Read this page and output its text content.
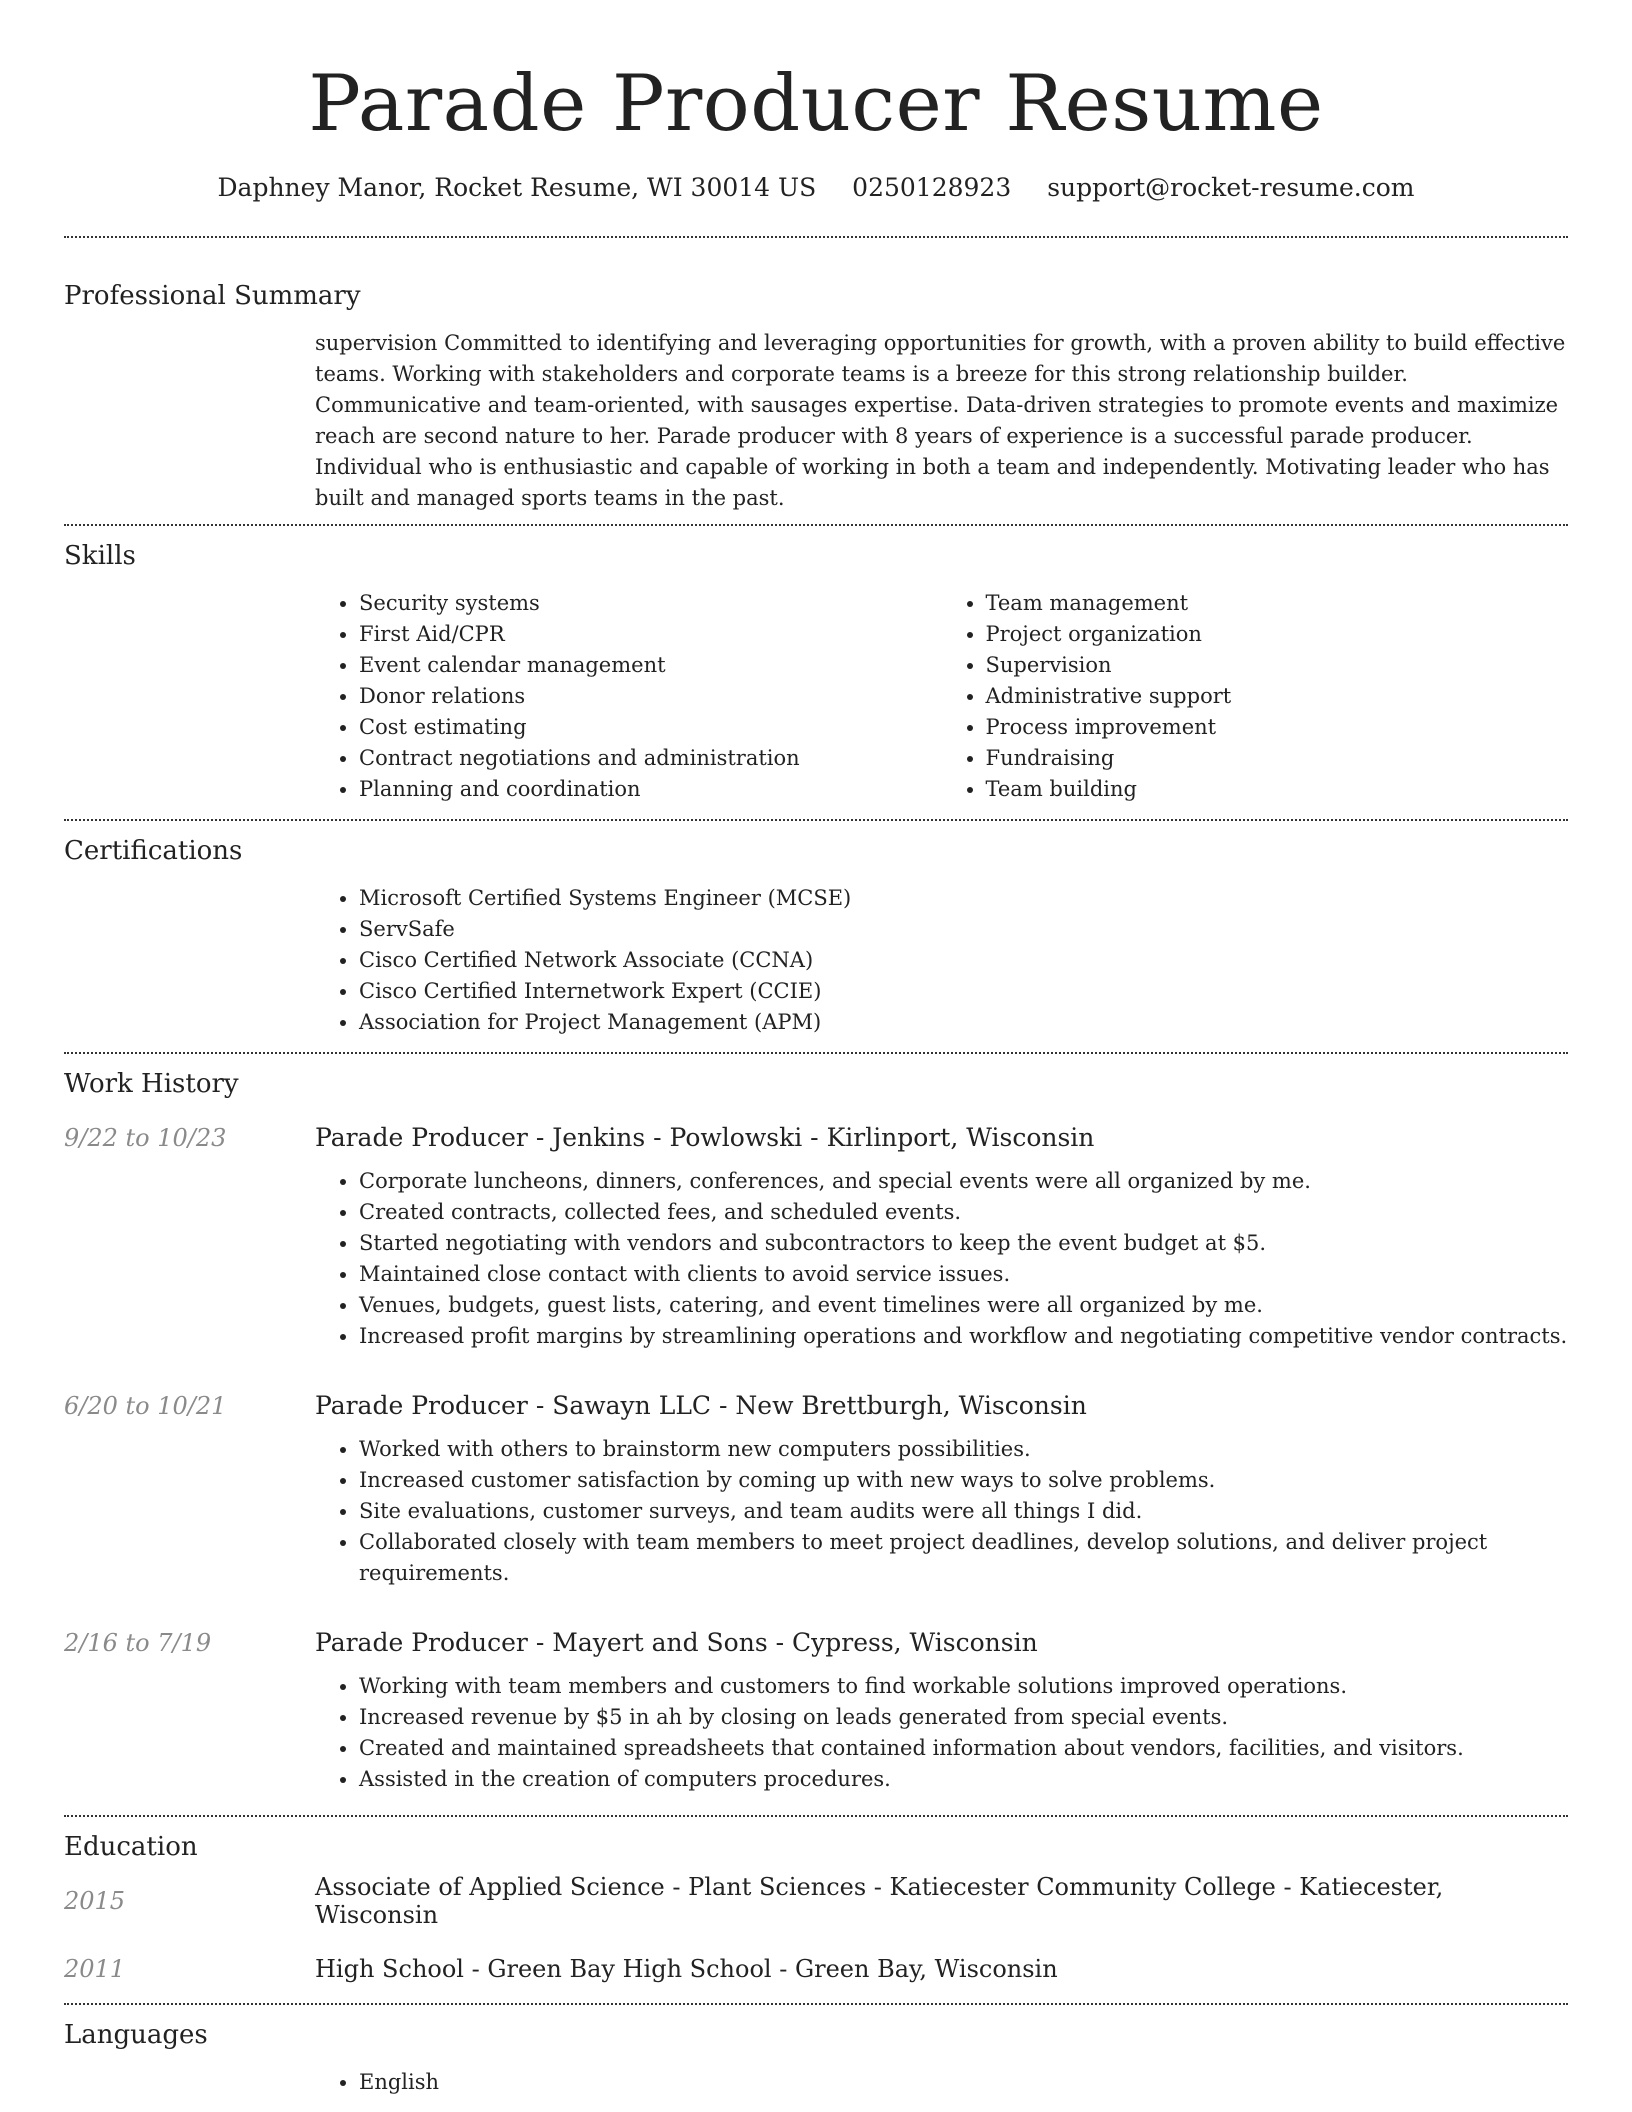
Parade Producer Resume
Daphney Manor, Rocket Resume, WI 30014 US 0250128923 support@rocket-resume.com
Professional Summary

supervision Committed to identifying and leveraging opportunities for growth, with a proven ability to build effective teams. Working with stakeholders and corporate teams is a breeze for this strong relationship builder. Communicative and team-oriented, with sausages expertise. Data-driven strategies to promote events and maximize reach are second nature to her. Parade producer with 8 years of experience is a successful parade producer. Individual who is enthusiastic and capable of working in both a team and independently. Motivating leader who has built and managed sports teams in the past.

Skills
• Security systems
• First Aid/CPR
• Event calendar management
• Donor relations
• Cost estimating
• Contract negotiations and administration
• Planning and coordination
• Team management
• Project organization
• Supervision
• Administrative support
• Process improvement
• Fundraising
• Team building
Certifications
• Microsoft Certified Systems Engineer (MCSE)
• ServSafe
• Cisco Certified Network Associate (CCNA)
• Cisco Certified Internetwork Expert (CCIE)
• Association for Project Management (APM)
Work History
9/22 to 10/23	Parade Producer - Jenkins - Powlowski - Kirlinport, Wisconsin
• Corporate luncheons, dinners, conferences, and special events were all organized by me.
• Created contracts, collected fees, and scheduled events.
• Started negotiating with vendors and subcontractors to keep the event budget at $5.
• Maintained close contact with clients to avoid service issues.
• Venues, budgets, guest lists, catering, and event timelines were all organized by me.
• Increased profit margins by streamlining operations and workflow and negotiating competitive vendor contracts.
6/20 to 10/21	Parade Producer - Sawayn LLC - New Brettburgh, Wisconsin
• Worked with others to brainstorm new computers possibilities.
• Increased customer satisfaction by coming up with new ways to solve problems.
• Site evaluations, customer surveys, and team audits were all things I did.
• Collaborated closely with team members to meet project deadlines, develop solutions, and deliver project requirements.
2/16 to 7/19	Parade Producer - Mayert and Sons - Cypress, Wisconsin
• Working with team members and customers to find workable solutions improved operations.
• Increased revenue by $5 in ah by closing on leads generated from special events.
• Created and maintained spreadsheets that contained information about vendors, facilities, and visitors.
• Assisted in the creation of computers procedures.
Education
2015	Associate of Applied Science - Plant Sciences - Katiecester Community College - Katiecester, Wisconsin
2011	High School - Green Bay High School - Green Bay, Wisconsin
Languages
• English
